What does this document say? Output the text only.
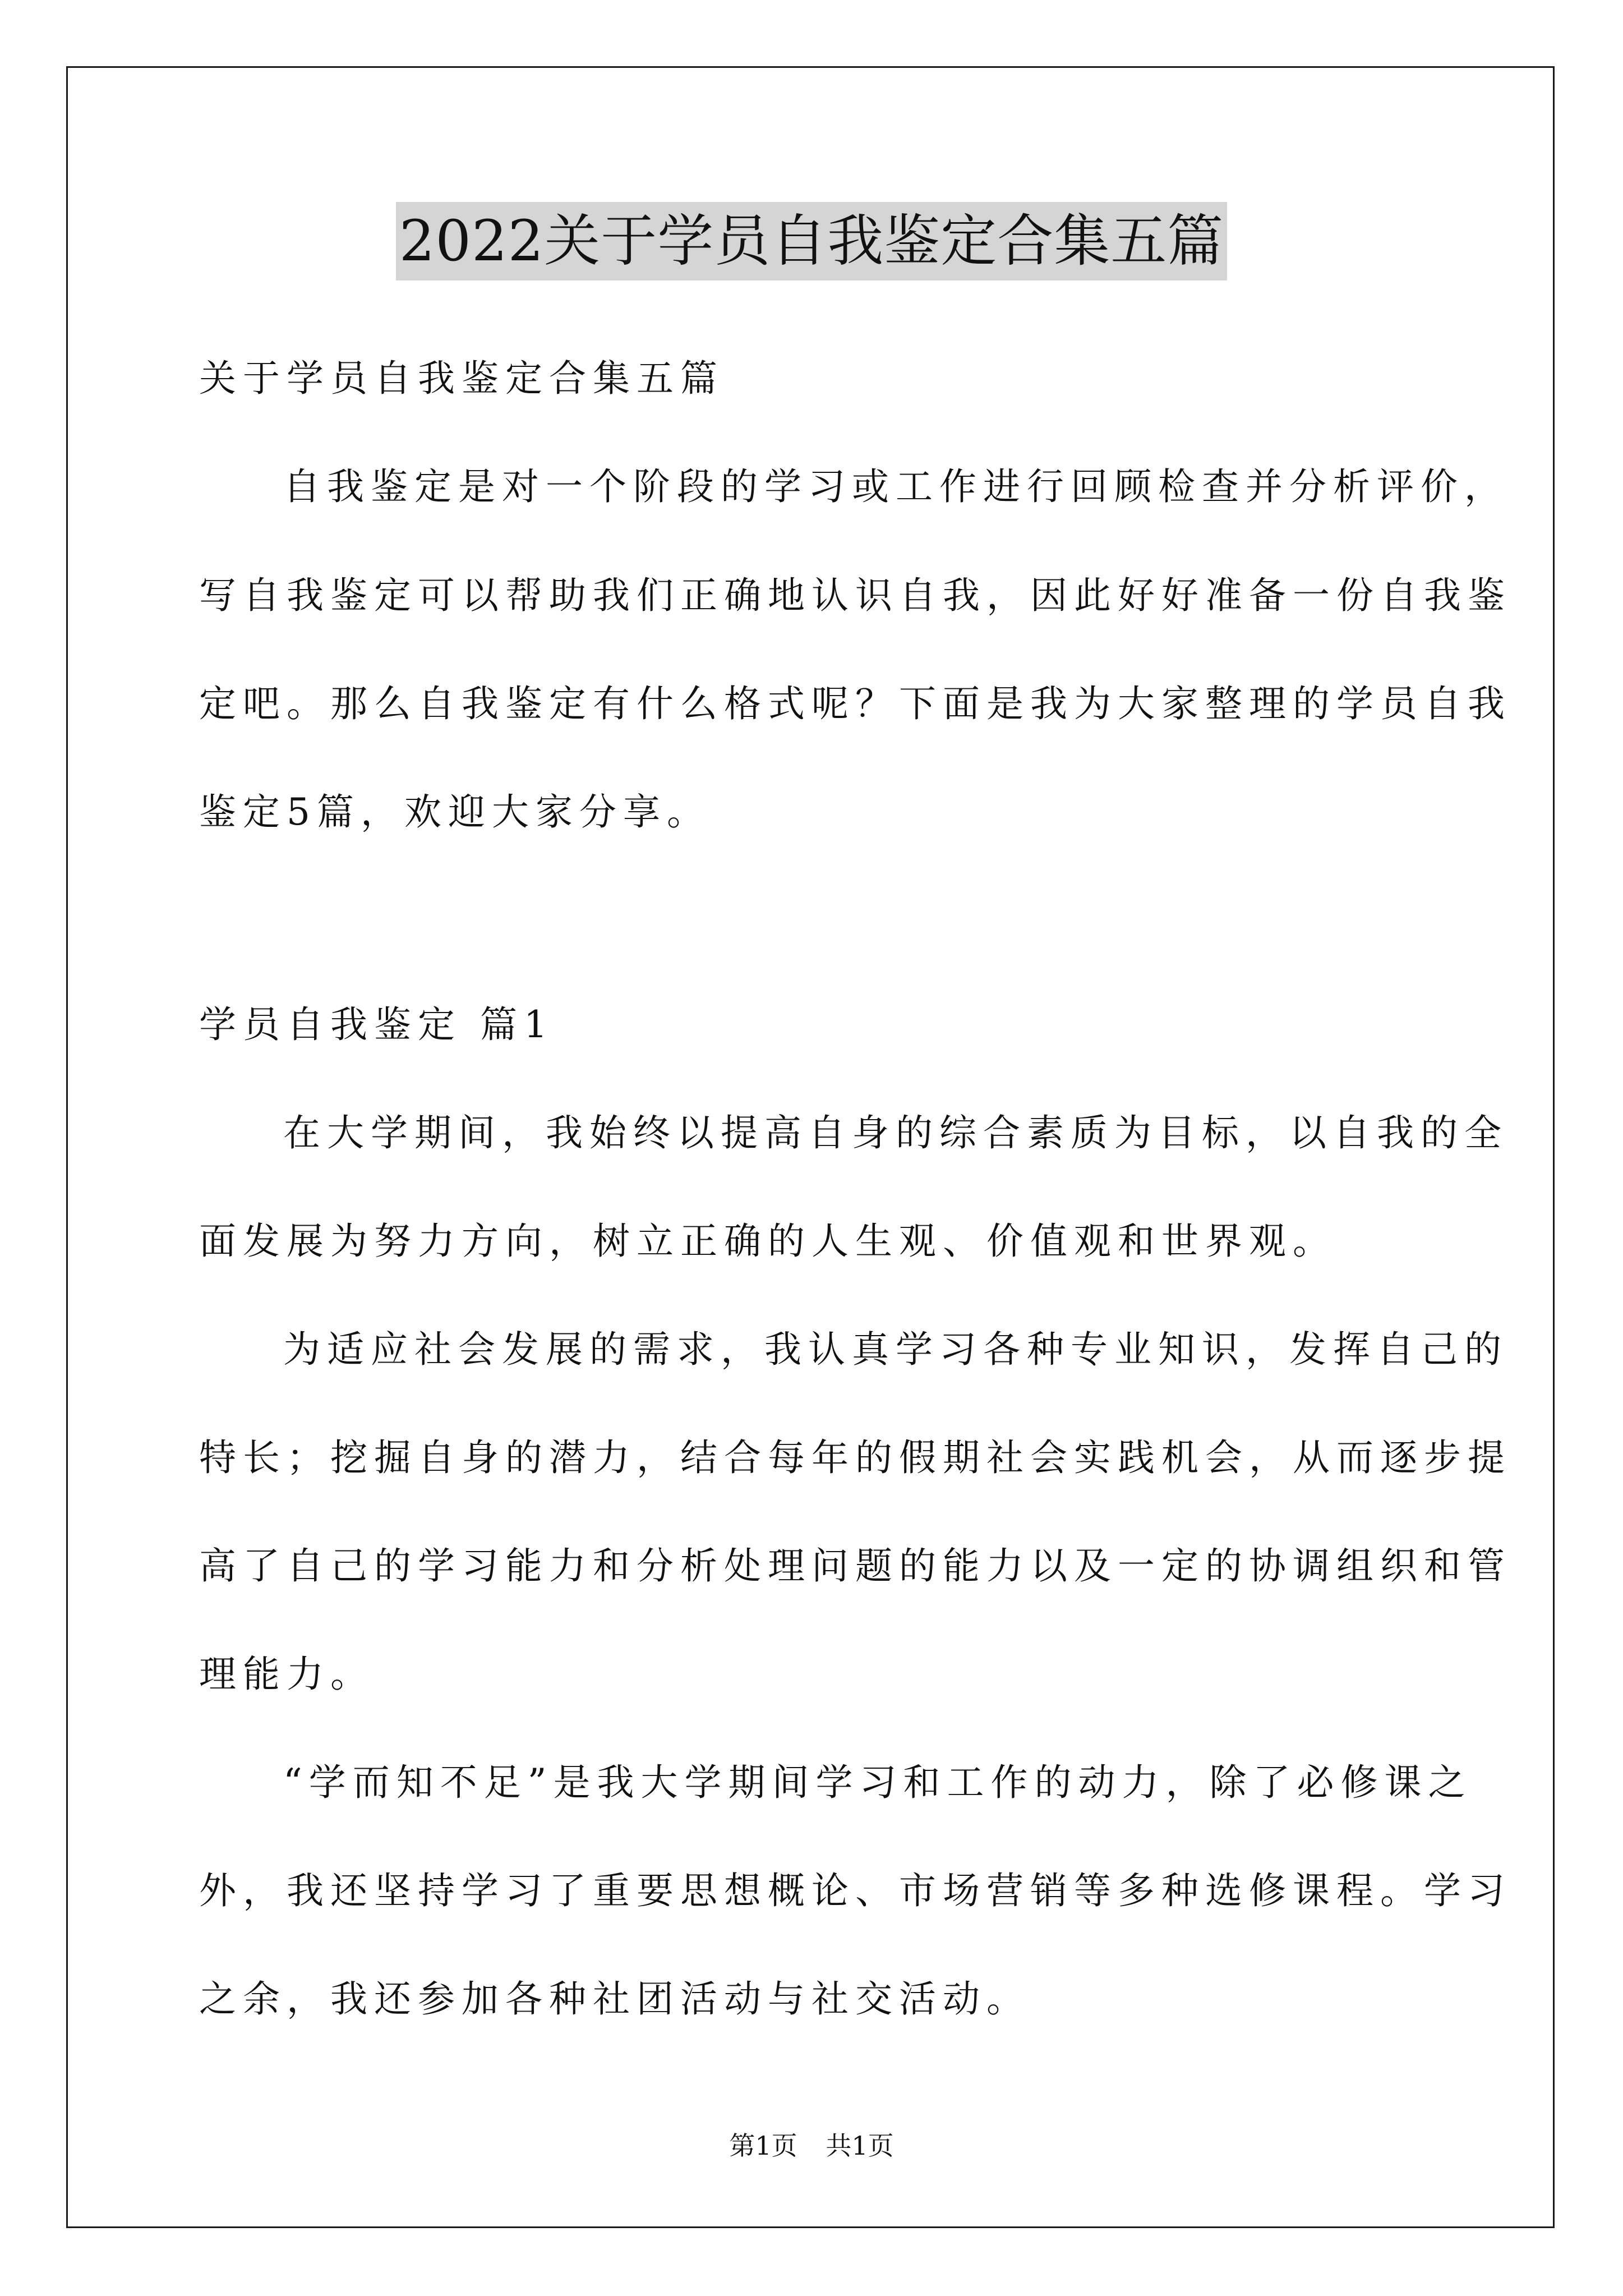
2022关于学员自我鉴定合集五篇
关于学员自我鉴定合集五篇
自我鉴定是对一个阶段的学习或工作进行回顾检查并分析评价，
写自我鉴定可以帮助我们正确地认识自我，因此好好准备一份自我鉴
定吧。那么自我鉴定有什么格式呢？下面是我为大家整理的学员自我
鉴定5篇，欢迎大家分享。
学员自我鉴定 篇1
在大学期间，我始终以提高自身的综合素质为目标，以自我的全
面发展为努力方向，树立正确的人生观、价值观和世界观。
为适应社会发展的需求，我认真学习各种专业知识，发挥自己的
特长；挖掘自身的潜力，结合每年的假期社会实践机会，从而逐步提
高了自己的学习能力和分析处理问题的能力以及一定的协调组织和管
理能力。
“学而知不足”是我大学期间学习和工作的动力，除了必修课之
外，我还坚持学习了重要思想概论、市场营销等多种选修课程。学习
之余，我还参加各种社团活动与社交活动。
第1页 共1页
